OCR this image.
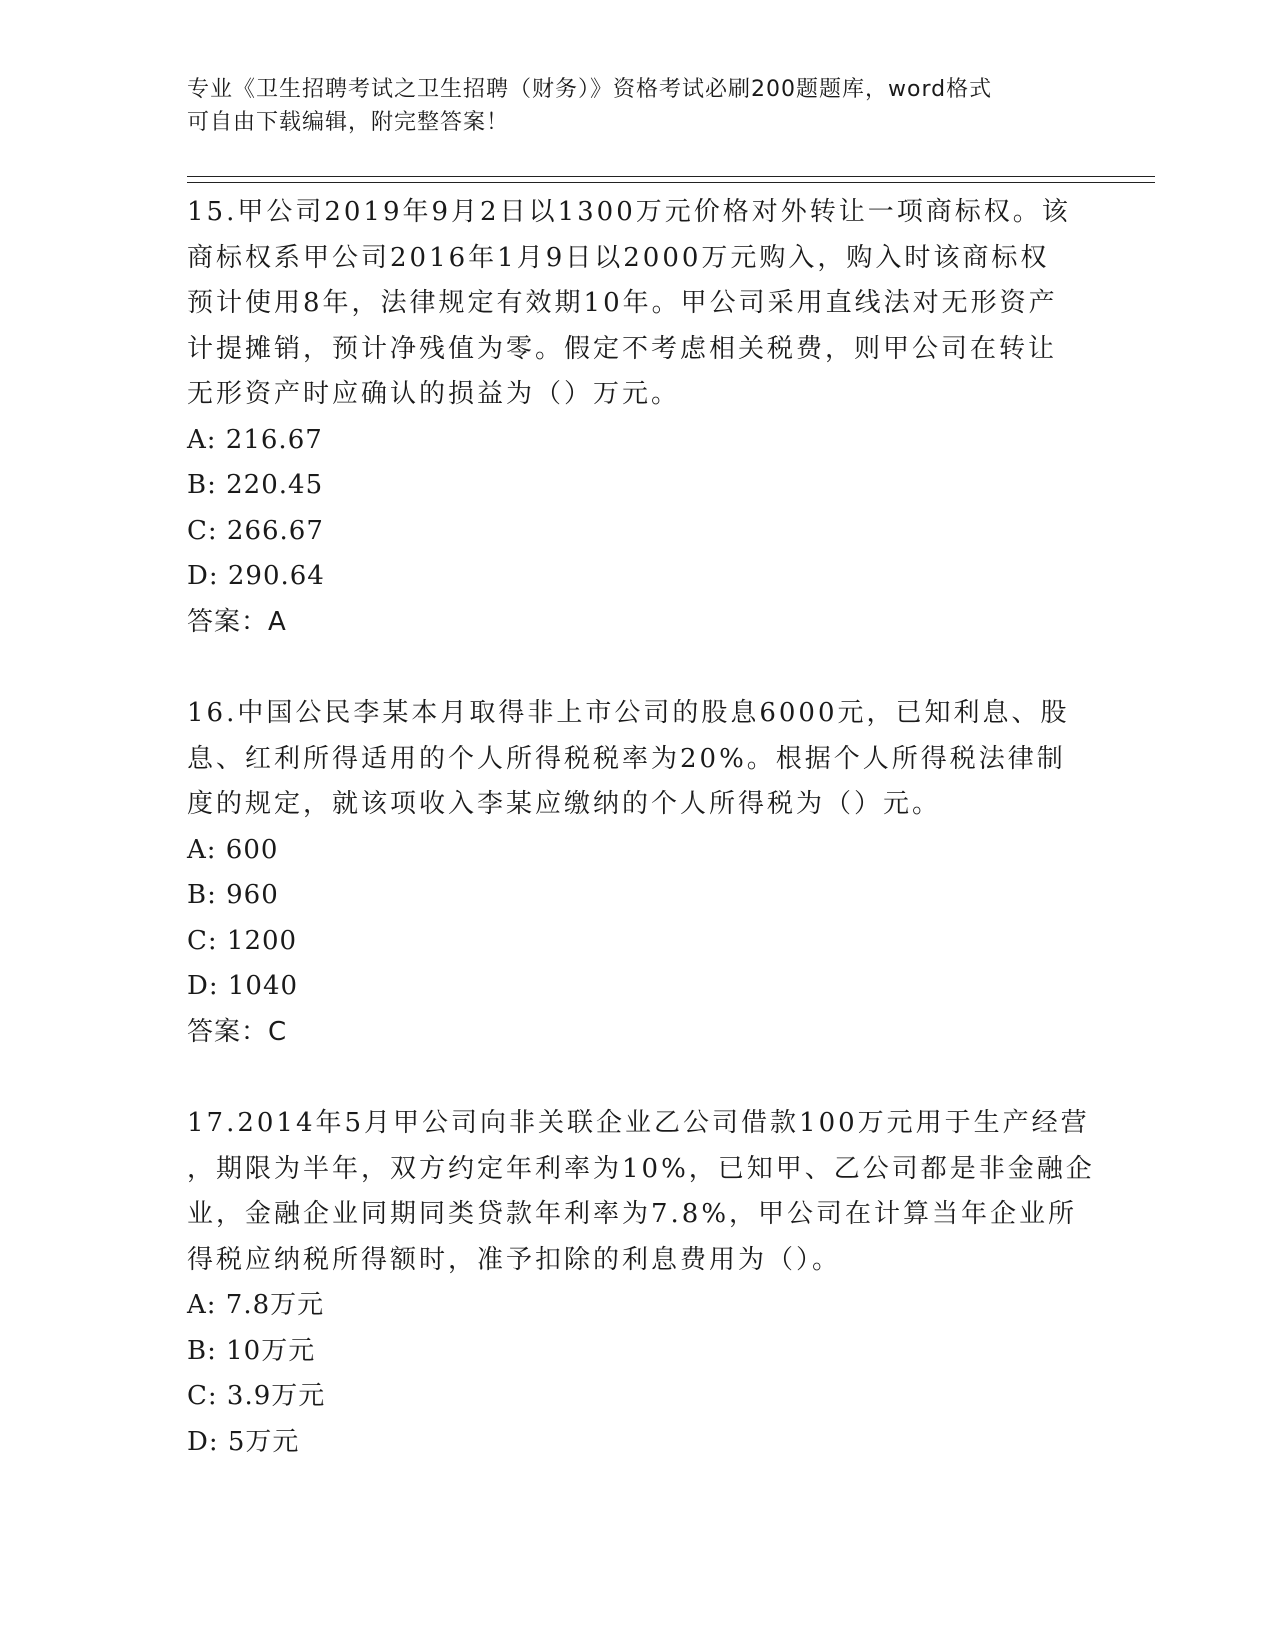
专业《卫生招聘考试之卫生招聘（财务）》资格考试必刷200题题库，word格式
可自由下载编辑，附完整答案！
15.甲公司2019年9月2日以1300万元价格对外转让一项商标权。该
商标权系甲公司2016年1月9日以2000万元购入，购入时该商标权
预计使用8年，法律规定有效期10年。甲公司采用直线法对无形资产
计提摊销，预计净残值为零。假定不考虑相关税费，则甲公司在转让
无形资产时应确认的损益为（）万元。
A: 216.67
B: 220.45
C: 266.67
D: 290.64
答案：A
16.中国公民李某本月取得非上市公司的股息6000元，已知利息、股
息、红利所得适用的个人所得税税率为20%。根据个人所得税法律制
度的规定，就该项收入李某应缴纳的个人所得税为（）元。
A: 600
B: 960
C: 1200
D: 1040
答案：C
17.2014年5月甲公司向非关联企业乙公司借款100万元用于生产经营
，期限为半年，双方约定年利率为10%，已知甲、乙公司都是非金融企
业，金融企业同期同类贷款年利率为7.8%，甲公司在计算当年企业所
得税应纳税所得额时，准予扣除的利息费用为（）。
A: 7.8万元
B: 10万元
C: 3.9万元
D: 5万元
